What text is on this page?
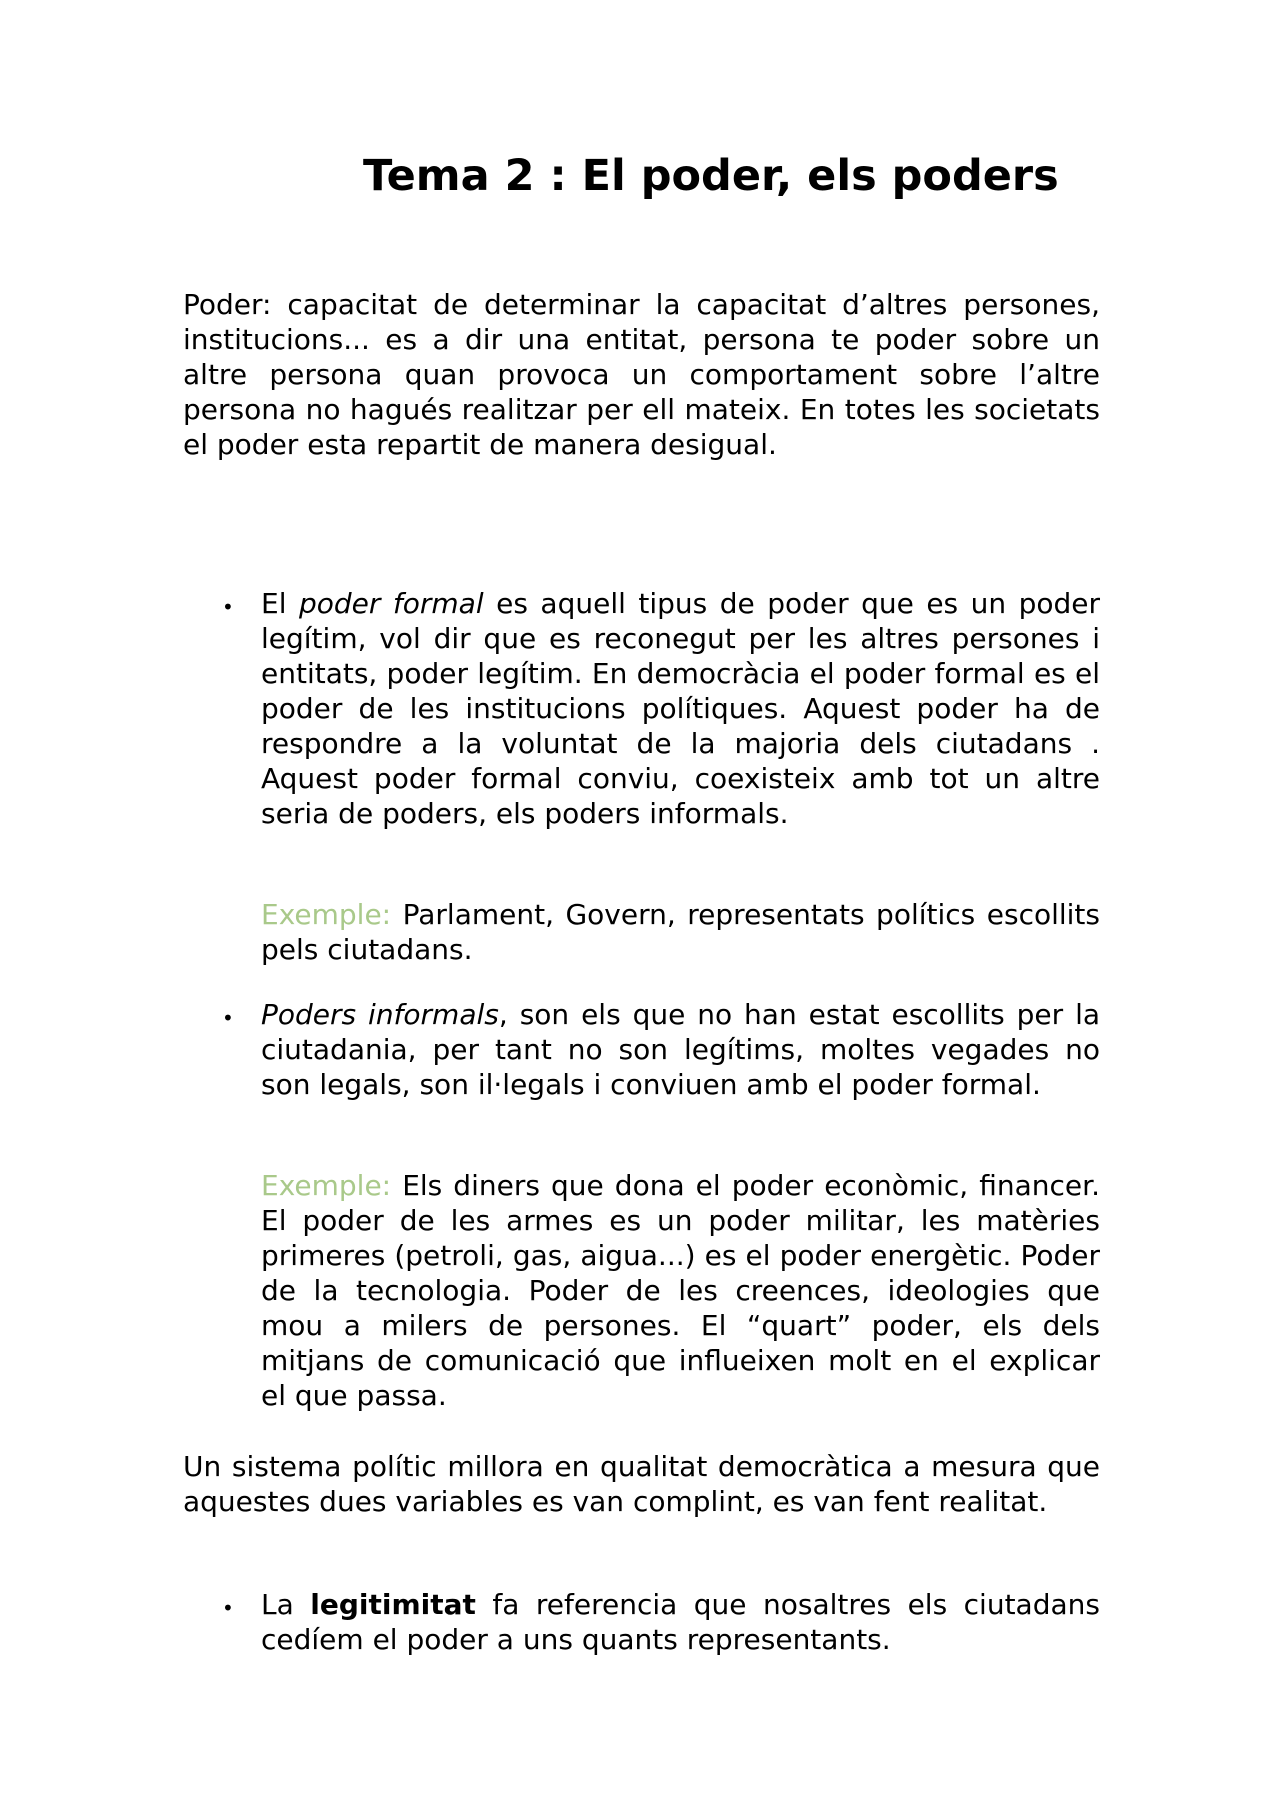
Tema 2 : El poder, els poders

Poder: capacitat de determinar la capacitat d’altres persones, institucions... es a dir una entitat, persona te poder sobre un altre persona quan provoca un comportament sobre l’altre persona no hagués realitzar per ell mateix. En totes les societats el poder esta repartit de manera desigual.

• El poder formal es aquell tipus de poder que es un poder legítim, vol dir que es reconegut per les altres persones i entitats, poder legítim. En democràcia el poder formal es el poder de les institucions polítiques. Aquest poder ha de respondre a la voluntat de la majoria dels ciutadans . Aquest poder formal conviu, coexisteix amb tot un altre seria de poders, els poders informals.

Exemple: Parlament, Govern, representats polítics escollits pels ciutadans.

• Poders informals, son els que no han estat escollits per la ciutadania, per tant no son legítims, moltes vegades no son legals, son il·legals i conviuen amb el poder formal.

Exemple: Els diners que dona el poder econòmic, financer. El poder de les armes es un poder militar, les matèries primeres (petroli, gas, aigua...) es el poder energètic. Poder de la tecnologia. Poder de les creences, ideologies que mou a milers de persones. El “quart” poder, els dels mitjans de comunicació que influeixen molt en el explicar el que passa.

Un sistema polític millora en qualitat democràtica a mesura que aquestes dues variables es van complint, es van fent realitat.

• La legitimitat fa referencia que nosaltres els ciutadans cedíem el poder a uns quants representants.
